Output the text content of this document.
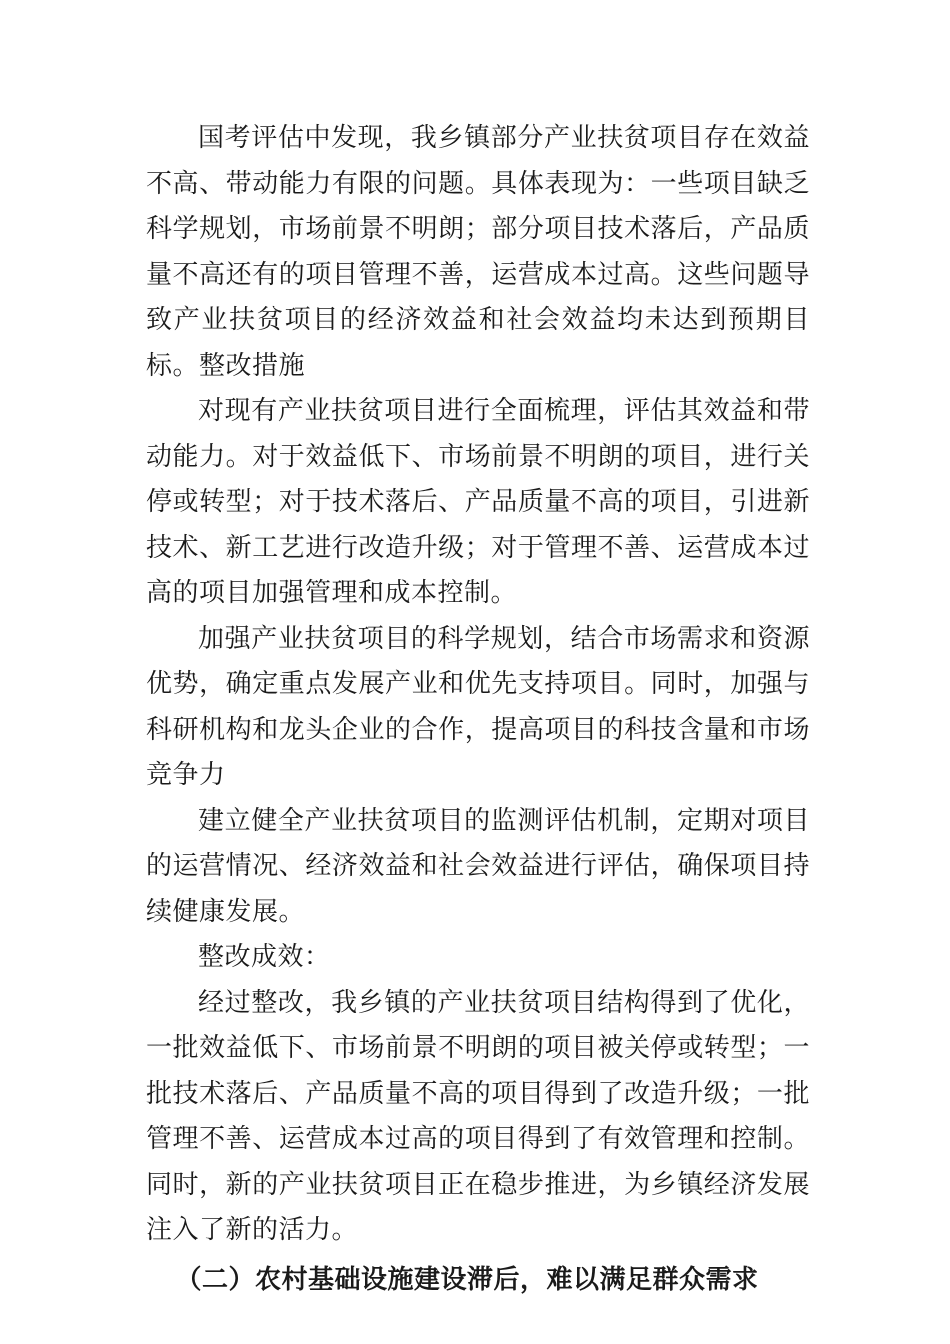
国考评估中发现，我乡镇部分产业扶贫项目存在效益不高、带动能力有限的问题。具体表现为：一些项目缺乏科学规划，市场前景不明朗；部分项目技术落后，产品质量不高还有的项目管理不善，运营成本过高。这些问题导致产业扶贫项目的经济效益和社会效益均未达到预期目标。整改措施

对现有产业扶贫项目进行全面梳理，评估其效益和带动能力。对于效益低下、市场前景不明朗的项目，进行关停或转型；对于技术落后、产品质量不高的项目，引进新技术、新工艺进行改造升级；对于管理不善、运营成本过高的项目加强管理和成本控制。

加强产业扶贫项目的科学规划，结合市场需求和资源优势，确定重点发展产业和优先支持项目。同时，加强与科研机构和龙头企业的合作，提高项目的科技含量和市场竞争力

建立健全产业扶贫项目的监测评估机制，定期对项目的运营情况、经济效益和社会效益进行评估，确保项目持续健康发展。

整改成效：

经过整改，我乡镇的产业扶贫项目结构得到了优化，一批效益低下、市场前景不明朗的项目被关停或转型；一批技术落后、产品质量不高的项目得到了改造升级；一批管理不善、运营成本过高的项目得到了有效管理和控制。同时，新的产业扶贫项目正在稳步推进，为乡镇经济发展注入了新的活力。

（二）农村基础设施建设滞后，难以满足群众需求
